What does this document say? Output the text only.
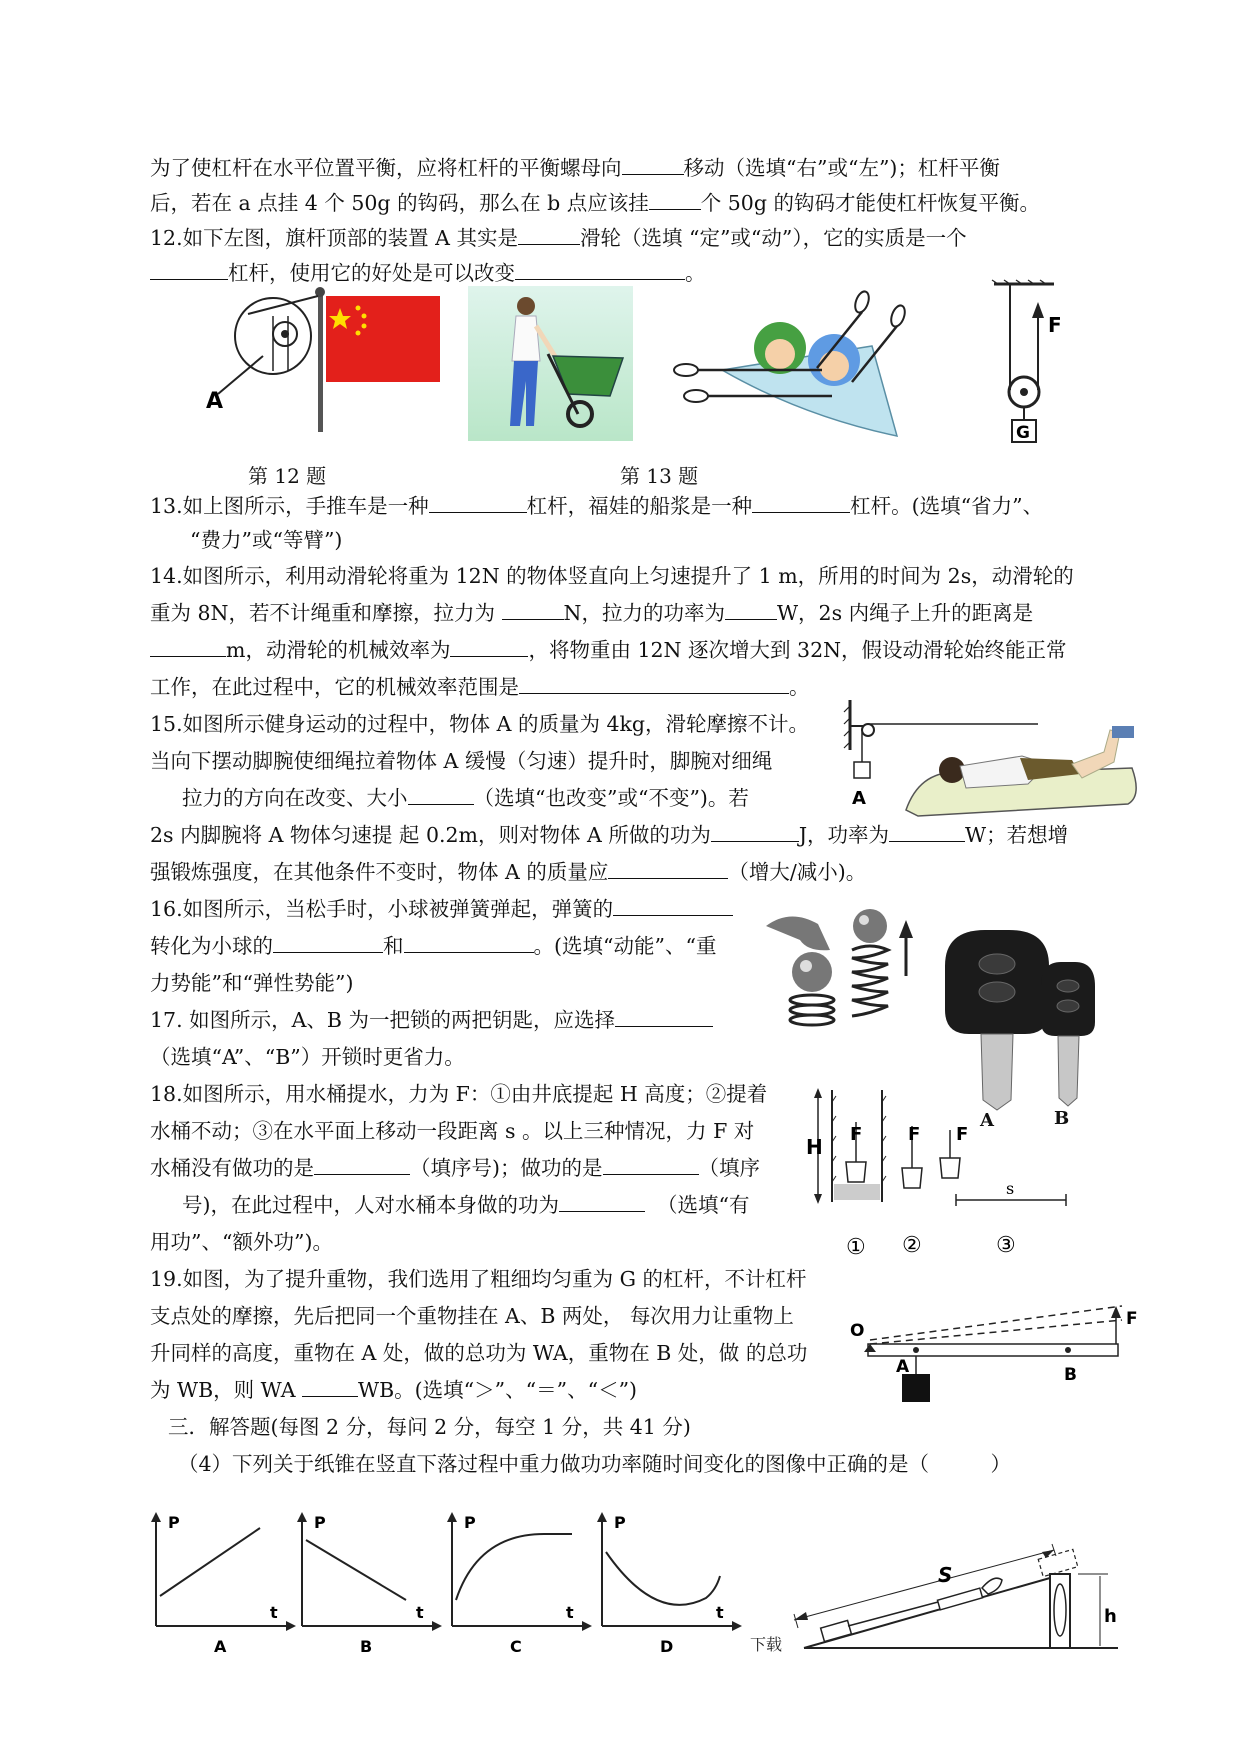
为了使杠杆在水平位置平衡，应将杠杆的平衡螺母向	移动（选填“右”或“左”)；杠杆平衡
后，若在 a 点挂 4 个 50g 的钩码，那么在 b 点应该挂	个 50g 的钩码才能使杠杆恢复平衡。
12.如下左图，旗杆顶部的装置 A 其实是	滑轮（选填 “定”或“动”），它的实质是一个
杠杆，使用它的好处是可以改变	。
A
G
F
第 12 题	第 13 题
13.如上图所示，手推车是一种	杠杆，福娃的船浆是一种	杠杆。(选填“省力”、
“费力”或“等臂”)
14.如图所示，利用动滑轮将重为 12N 的物体竖直向上匀速提升了 1 m，所用的时间为 2s，动滑轮的
重为 8N，若不计绳重和摩擦，拉力为	N，拉力的功率为	W，2s 内绳子上升的距离是
m，动滑轮的机械效率为	，将物重由 12N 逐次增大到 32N，假设动滑轮始终能正常
工作，在此过程中，它的机械效率范围是	。
15.如图所示健身运动的过程中，物体 A 的质量为 4kg，滑轮摩擦不计。
当向下摆动脚腕使细绳拉着物体 A 缓慢（匀速）提升时，脚腕对细绳
拉力的方向在改变、大小	（选填“也改变”或“不变”)。若
2s 内脚腕将 A 物体匀速提 起 0.2m，则对物体 A 所做的功为	J，功率为	W；若想增
强锻炼强度，在其他条件不变时，物体 A 的质量应	（增大/减小)。
A
16.如图所示，当松手时，小球被弹簧弹起，弹簧的
转化为小球的	和	。(选填“动能”、“重
力势能”和“弹性势能”)
A	B
17. 如图所示，A、B 为一把锁的两把钥匙，应选择
（选填“A”、“B”）开锁时更省力。
18.如图所示，用水桶提水，力为 F：①由井底提起 H 高度；②提着
水桶不动；③在水平面上移动一段距离 s 。以上三种情况，力 F 对
水桶没有做功的是	（填序号)；做功的是	（填序
号)，在此过程中，人对水桶本身做的功为	（选填“有
用功”、“额外功”)。
H
F	F F
s
① ②	③
19.如图，为了提升重物，我们选用了粗细均匀重为 G 的杠杆，不计杠杆
支点处的摩擦，先后把同一个重物挂在 A、B 两处， 每次用力让重物上
升同样的高度，重物在 A 处，做的总功为 WA，重物在 B 处，做 的总功
为 WB，则 WA	WB。(选填“＞”、“＝”、“＜”)
F
O
A	B
三．解答题(每图 2 分，每问 2 分，每空 1 分，共 41 分)
（4）下列关于纸锥在竖直下落过程中重力做功功率随时间变化的图像中正确的是（　　　）
P
t
A
P
t
B
P
t
C
P
t
D
h
S
下载
